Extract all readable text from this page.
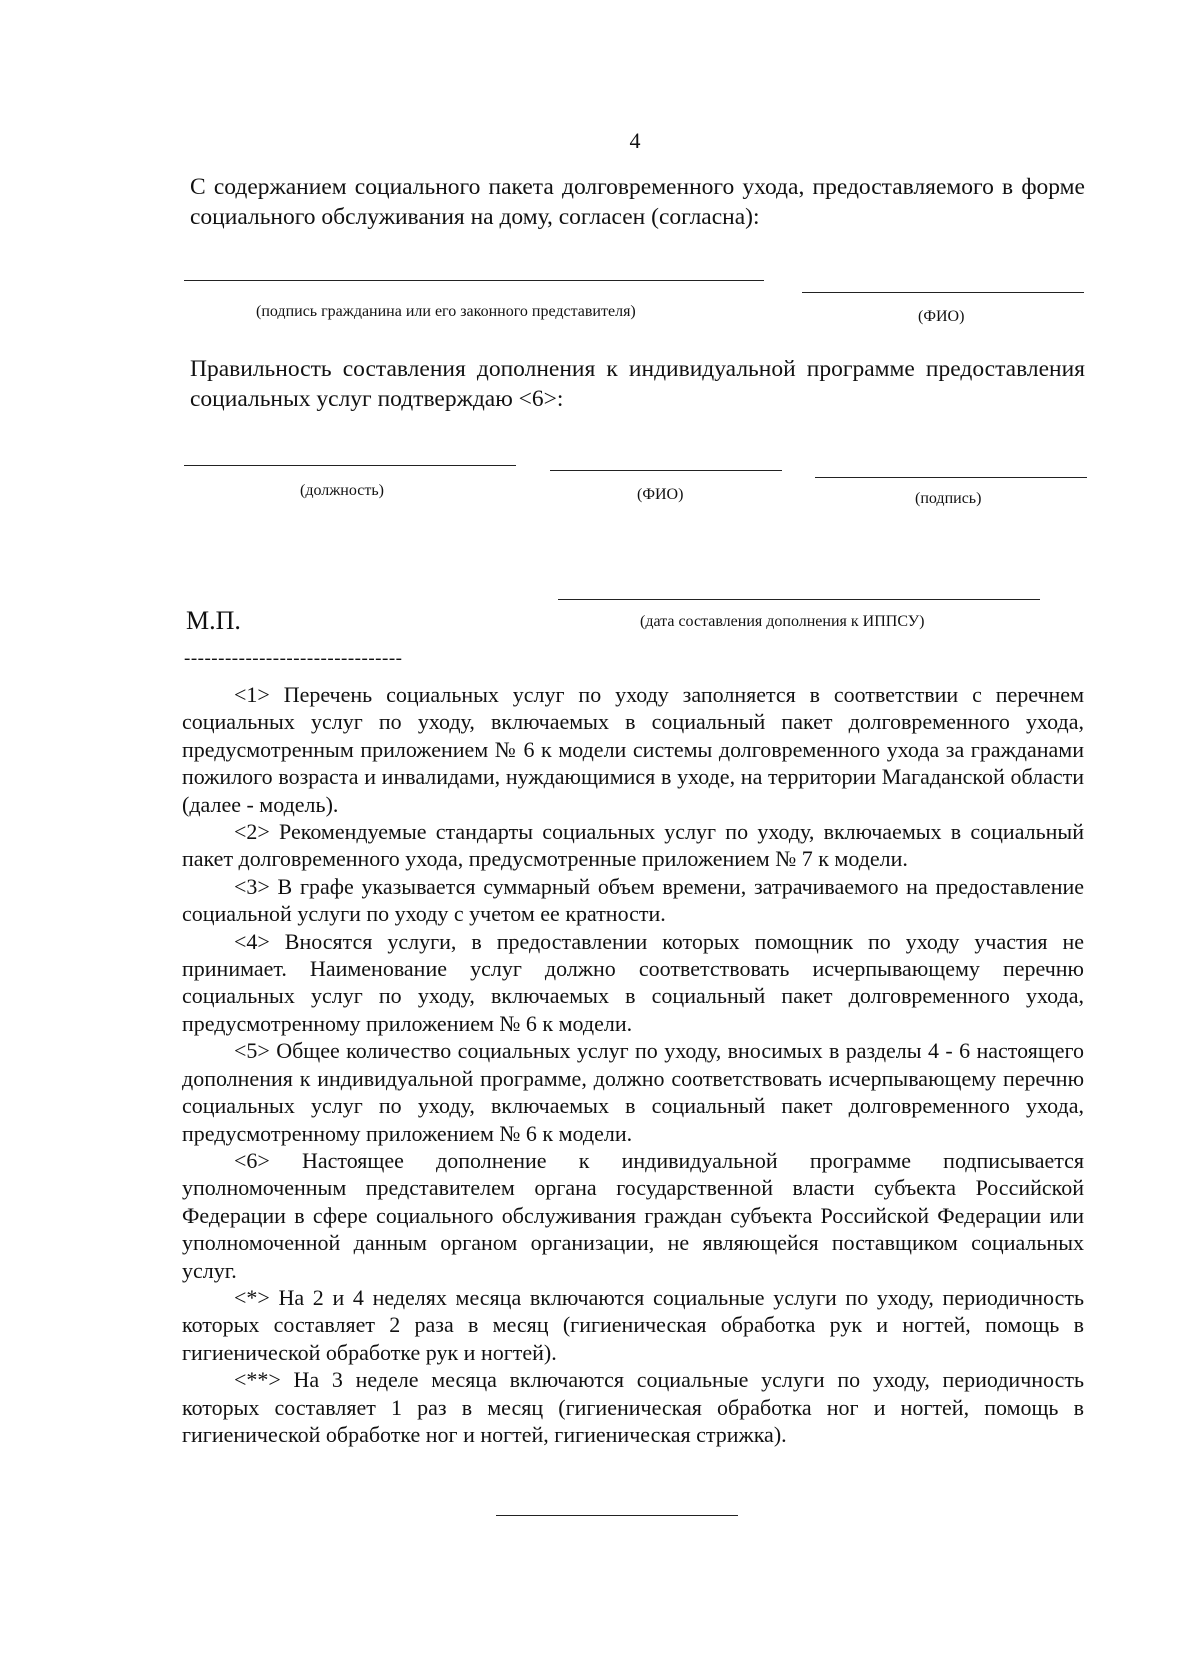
4
С содержанием социального пакета долговременного ухода, предоставляемого в форме социального обслуживания на дому, согласен (согласна):
(подпись гражданина или его законного представителя)	(ФИО)
Правильность составления дополнения к индивидуальной программе предоставления социальных услуг подтверждаю <6>:
(должность)	(ФИО)	(подпись)
М.П.	(дата составления дополнения к ИППСУ)
--------------------------------

<1> Перечень социальных услуг по уходу заполняется в соответствии с перечнем социальных услуг по уходу, включаемых в социальный пакет долговременного ухода, предусмотренным приложением № 6 к модели системы долговременного ухода за гражданами пожилого возраста и инвалидами, нуждающимися в уходе, на территории Магаданской области (далее - модель).

<2> Рекомендуемые стандарты социальных услуг по уходу, включаемых в социальный пакет долговременного ухода, предусмотренные приложением № 7 к модели.

<3> В графе указывается суммарный объем времени, затрачиваемого на предоставление социальной услуги по уходу с учетом ее кратности.

<4> Вносятся услуги, в предоставлении которых помощник по уходу участия не принимает. Наименование услуг должно соответствовать исчерпывающему перечню социальных услуг по уходу, включаемых в социальный пакет долговременного ухода, предусмотренному приложением № 6 к модели.

<5> Общее количество социальных услуг по уходу, вносимых в разделы 4 - 6 настоящего дополнения к индивидуальной программе, должно соответствовать исчерпывающему перечню социальных услуг по уходу, включаемых в социальный пакет долговременного ухода, предусмотренному приложением № 6 к модели.

<6> Настоящее дополнение к индивидуальной программе подписывается уполномоченным представителем органа государственной власти субъекта Российской Федерации в сфере социального обслуживания граждан субъекта Российской Федерации или уполномоченной данным органом организации, не являющейся поставщиком социальных услуг.

<*> На 2 и 4 неделях месяца включаются социальные услуги по уходу, периодичность которых составляет 2 раза в месяц (гигиеническая обработка рук и ногтей, помощь в гигиенической обработке рук и ногтей).

<**> На 3 неделе месяца включаются социальные услуги по уходу, периодичность которых составляет 1 раз в месяц (гигиеническая обработка ног и ногтей, помощь в гигиенической обработке ног и ногтей, гигиеническая стрижка).
